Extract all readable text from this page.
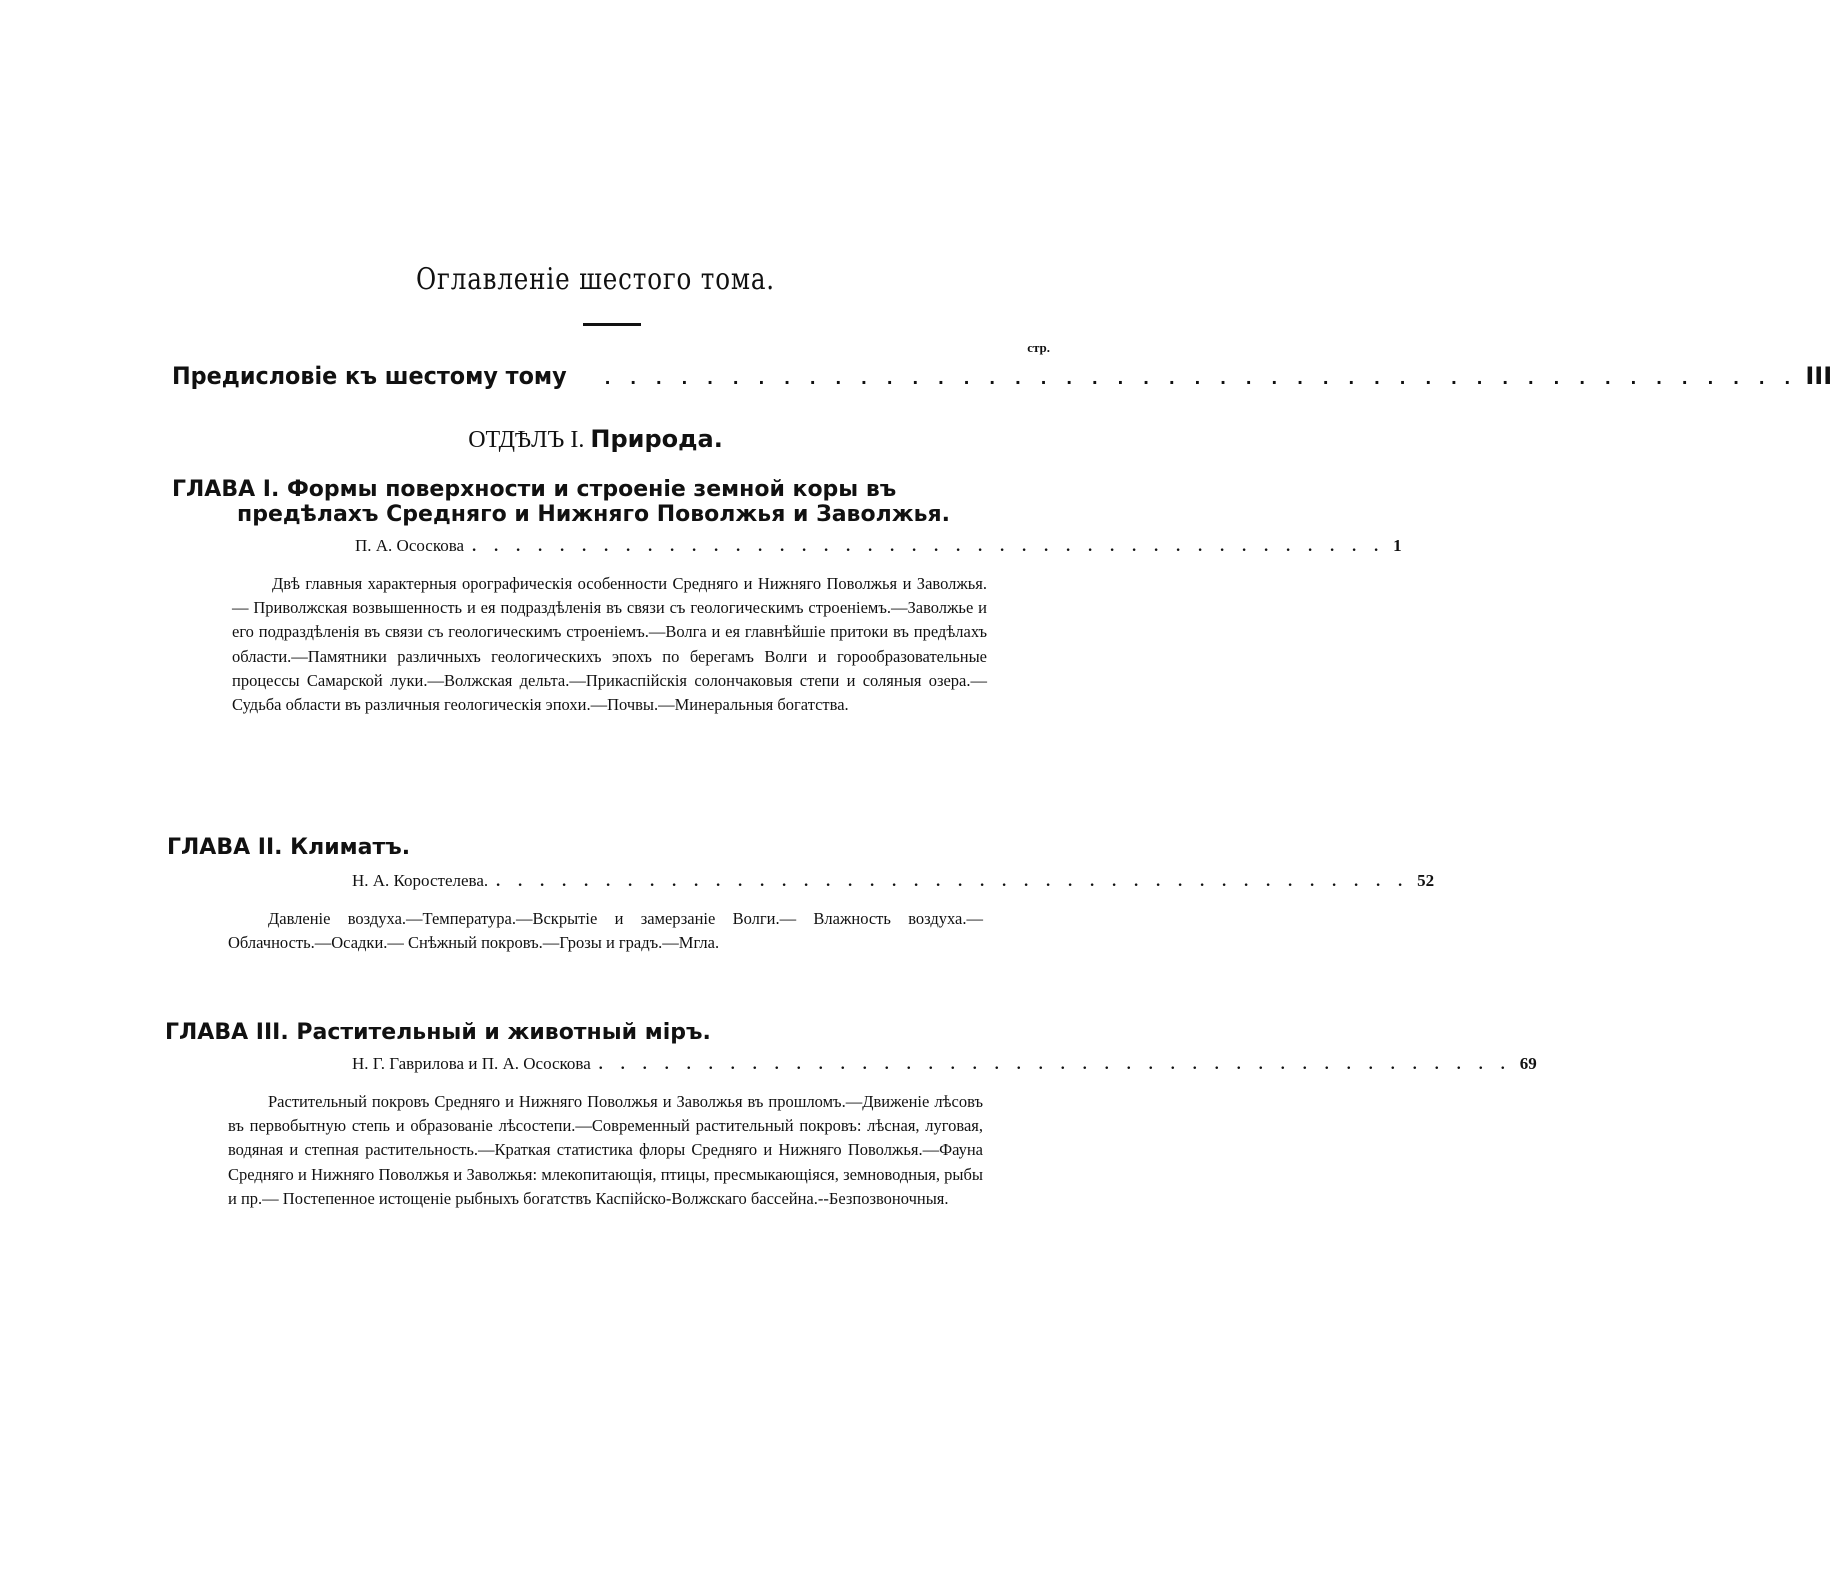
Оглавленіе шестого тома.
стр.
Предисловіе къ шестому тому . . . . . . . . . . . . . . . . . . . . . . . . . . . . . . . . . . . . . . . . . . . . . . . III
ОТДѢЛЪ I. Природа.
ГЛАВА I. Формы поверхности и строеніе земной коры въ
предѣлахъ Средняго и Нижняго Поволжья и Заволжья.
П. А. Ососкова . . . . . . . . . . . . . . . . . . . . . . . . . . . . . . . . . . . . . . . . . . 1

Двѣ главныя характерныя орографическія особенности Средняго и Нижняго Поволжья и Заволжья.— Приволжская возвышенность и ея подраздѣленія въ связи съ геологическимъ строеніемъ.—Заволжье и его подраздѣленія въ связи съ геологическимъ строеніемъ.—Волга и ея главнѣйшіе притоки въ предѣлахъ области.—Памятники различныхъ геологическихъ эпохъ по берегамъ Волги и горообразовательные процессы Самарской луки.—Волжская дельта.—Прикаспійскія солончаковыя степи и соляныя озера.—Судьба области въ различныя геологическія эпохи.—Почвы.—Минеральныя богатства.

ГЛАВА II. Климатъ.
Н. А. Коростелева. . . . . . . . . . . . . . . . . . . . . . . . . . . . . . . . . . . . . . . . . . . 52

Давленіе воздуха.—Температура.—Вскрытіе и замерзаніе Волги.— Влажность воздуха.—Облачность.—Осадки.— Снѣжный покровъ.—Грозы и градъ.—Мгла.

ГЛАВА III. Растительный и животный міръ.
Н. Г. Гаврилова и П. А. Ососкова . . . . . . . . . . . . . . . . . . . . . . . . . . . . . . . . . . . . . . . . . . 69

Растительный покровъ Средняго и Нижняго Поволжья и Заволжья въ прошломъ.—Движеніе лѣсовъ въ первобытную степь и образованіе лѣсостепи.—Современный растительный покровъ: лѣсная, луговая, водяная и степная растительность.—Краткая статистика флоры Средняго и Нижняго Поволжья.—Фауна Средняго и Нижняго Поволжья и Заволжья: млекопитающія, птицы, пресмыкающіяся, земноводныя, рыбы и пр.— Постепенное истощеніе рыбныхъ богатствъ Каспійско-Волжскаго бассейна.--Безпозвоночныя.
